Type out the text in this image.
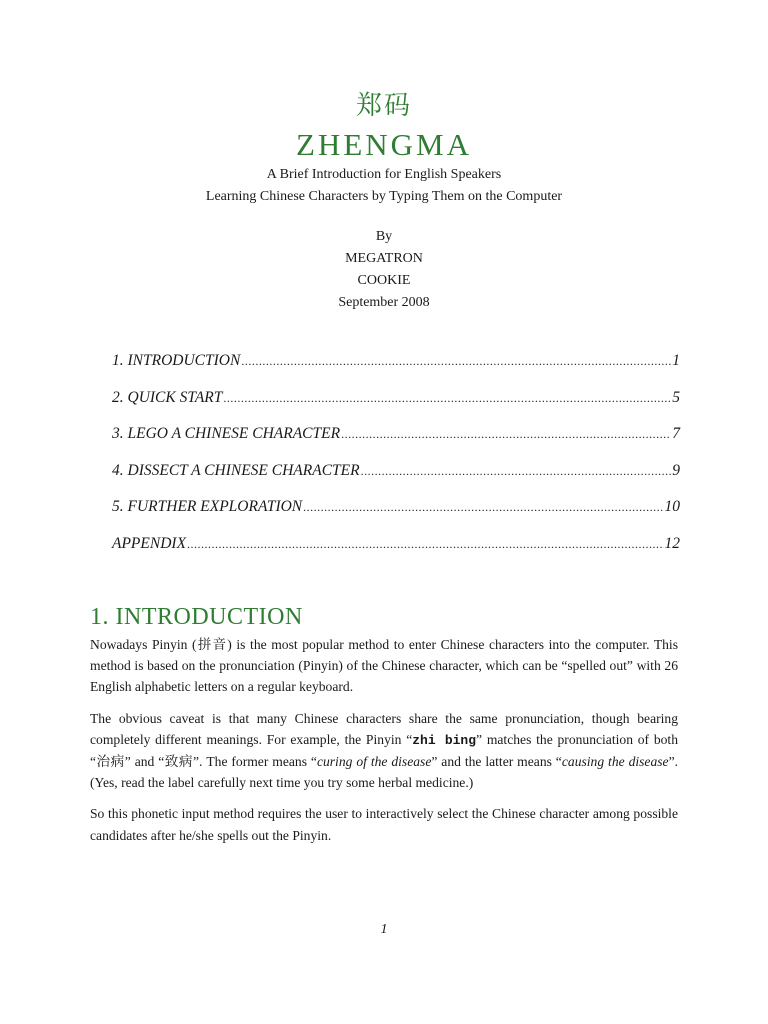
郑码
ZHENGMA
A Brief Introduction for English Speakers
Learning Chinese Characters by Typing Them on the Computer
By
MEGATRON
COOKIE
September 2008
1. INTRODUCTION .....	1
2. QUICK START .....	5
3. LEGO A CHINESE CHARACTER .....	7
4. DISSECT A CHINESE CHARACTER .....	9
5. FURTHER EXPLORATION .....	10
APPENDIX .....	12
1. INTRODUCTION

Nowadays Pinyin (拼音) is the most popular method to enter Chinese characters into the computer. This method is based on the pronunciation (Pinyin) of the Chinese character, which can be “spelled out” with 26 English alphabetic letters on a regular keyboard.

The obvious caveat is that many Chinese characters share the same pronunciation, though bearing completely different meanings. For example, the Pinyin “zhi bing” matches the pronunciation of both “治病” and “致病”. The former means “curing of the disease” and the latter means “causing the disease”. (Yes, read the label carefully next time you try some herbal medicine.)

So this phonetic input method requires the user to interactively select the Chinese character among possible candidates after he/she spells out the Pinyin.

1
